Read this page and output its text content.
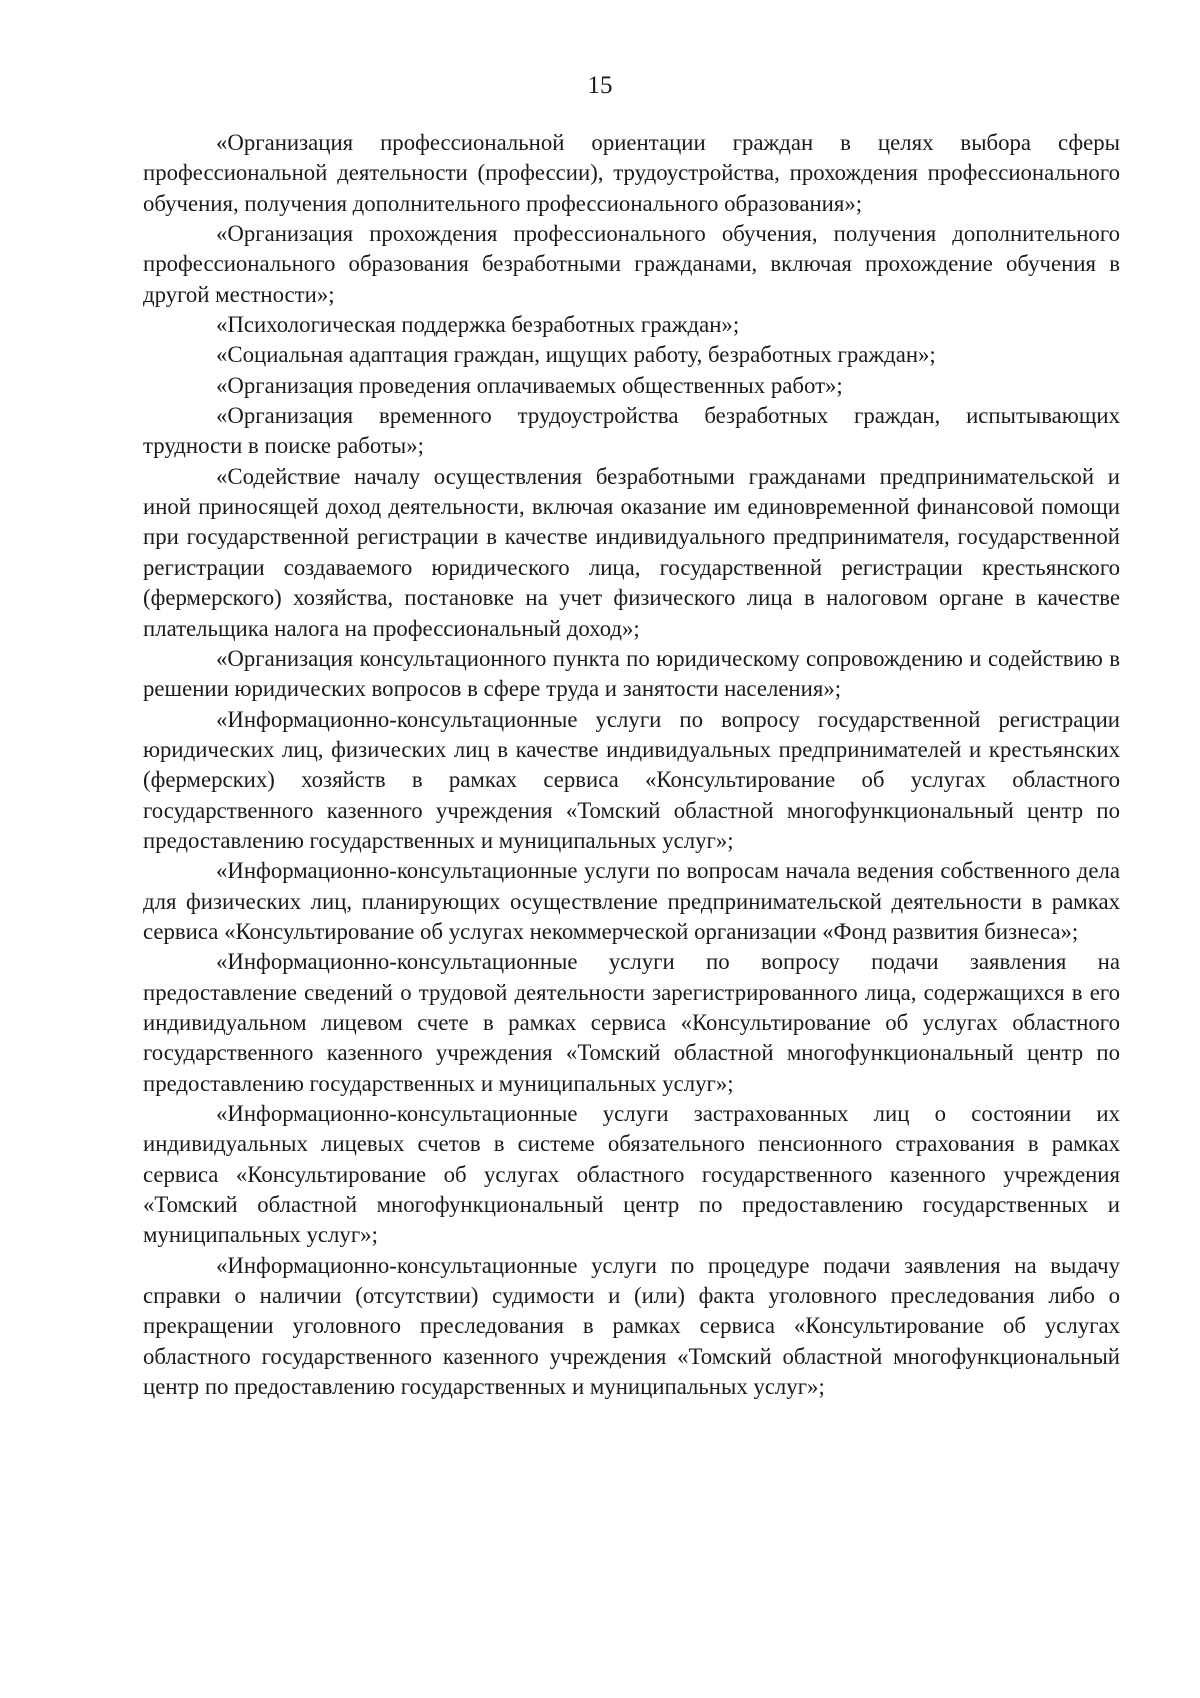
15

«Организация профессиональной ориентации граждан в целях выбора сферы профессиональной деятельности (профессии), трудоустройства, прохождения профессионального обучения, получения дополнительного профессионального образования»;

«Организация прохождения профессионального обучения, получения дополнительного профессионального образования безработными гражданами, включая прохождение обучения в другой местности»;

«Психологическая поддержка безработных граждан»;

«Социальная адаптация граждан, ищущих работу, безработных граждан»;

«Организация проведения оплачиваемых общественных работ»;

«Организация временного трудоустройства безработных граждан, испытывающих трудности в поиске работы»;

«Содействие началу осуществления безработными гражданами предпринимательской и иной приносящей доход деятельности, включая оказание им единовременной финансовой помощи при государственной регистрации в качестве индивидуального предпринимателя, государственной регистрации создаваемого юридического лица, государственной регистрации крестьянского (фермерского) хозяйства, постановке на учет физического лица в налоговом органе в качестве плательщика налога на профессиональный доход»;

«Организация консультационного пункта по юридическому сопровождению и содействию в решении юридических вопросов в сфере труда и занятости населения»;

«Информационно-консультационные услуги по вопросу государственной регистрации юридических лиц, физических лиц в качестве индивидуальных предпринимателей и крестьянских (фермерских) хозяйств в рамках сервиса «Консультирование об услугах областного государственного казенного учреждения «Томский областной многофункциональный центр по предоставлению государственных и муниципальных услуг»;

«Информационно-консультационные услуги по вопросам начала ведения собственного дела для физических лиц, планирующих осуществление предпринимательской деятельности в рамках сервиса «Консультирование об услугах некоммерческой организации «Фонд развития бизнеса»;

«Информационно-консультационные услуги по вопросу подачи заявления на предоставление сведений о трудовой деятельности зарегистрированного лица, содержащихся в его индивидуальном лицевом счете в рамках сервиса «Консультирование об услугах областного государственного казенного учреждения «Томский областной многофункциональный центр по предоставлению государственных и муниципальных услуг»;

«Информационно-консультационные услуги застрахованных лиц о состоянии их индивидуальных лицевых счетов в системе обязательного пенсионного страхования в рамках сервиса «Консультирование об услугах областного государственного казенного учреждения «Томский областной многофункциональный центр по предоставлению государственных и муниципальных услуг»;

«Информационно-консультационные услуги по процедуре подачи заявления на выдачу справки о наличии (отсутствии) судимости и (или) факта уголовного преследования либо о прекращении уголовного преследования в рамках сервиса «Консультирование об услугах областного государственного казенного учреждения «Томский областной многофункциональный центр по предоставлению государственных и муниципальных услуг»;
